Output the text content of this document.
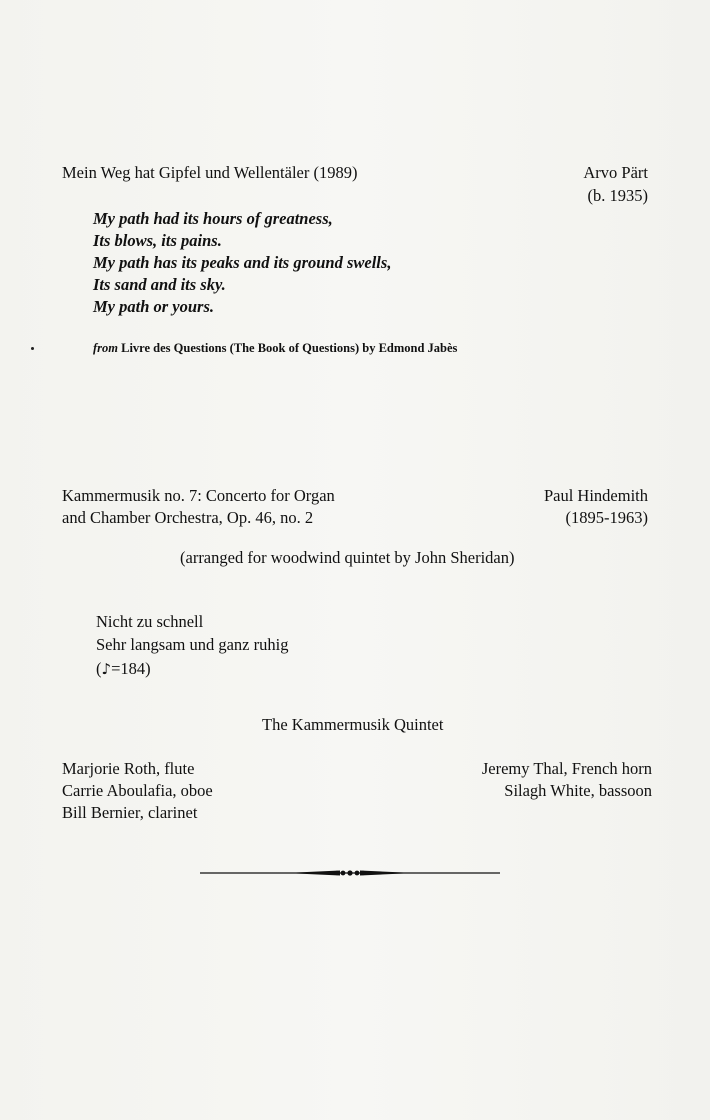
Mein Weg hat Gipfel und Wellentäler (1989)	Arvo Pärt
(b. 1935)
My path had its hours of greatness,
Its blows, its pains.
My path has its peaks and its ground swells,
Its sand and its sky.
My path or yours.
from Livre des Questions (The Book of Questions) by Edmond Jabès
Kammermusik no. 7: Concerto for Organ
and Chamber Orchestra, Op. 46, no. 2
Paul Hindemith
(1895-1963)
(arranged for woodwind quintet by John Sheridan)
Nicht zu schnell
Sehr langsam und ganz ruhig
(♪=184)
The Kammermusik Quintet
Marjorie Roth, flute
Carrie Aboulafia, oboe
Bill Bernier, clarinet
Jeremy Thal, French horn
Silagh White, bassoon
